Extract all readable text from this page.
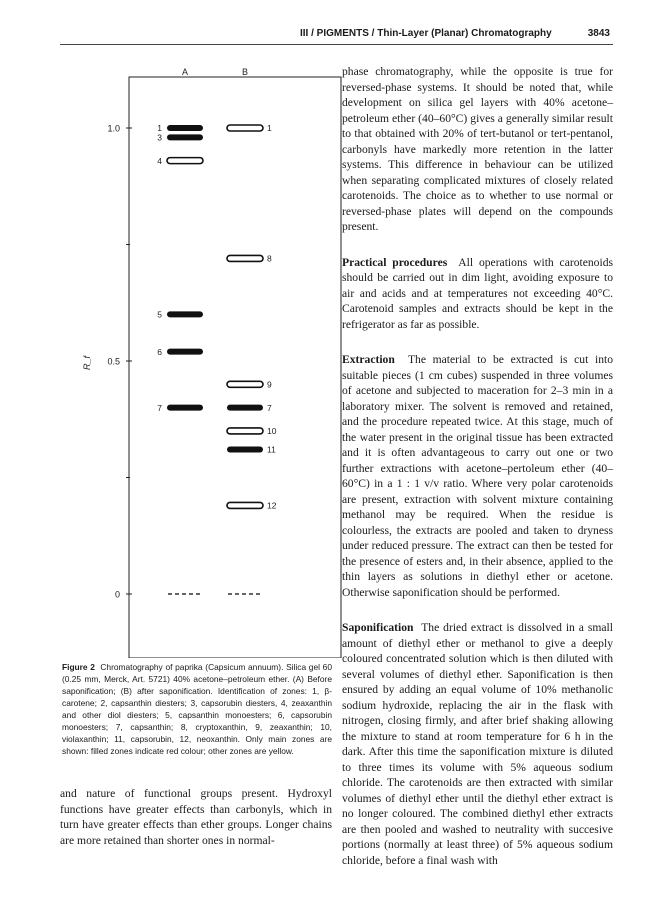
III / PIGMENTS / Thin-Layer (Planar) Chromatography	3843
1.0
0.5
0
R_f
A	B
1
3
4
5
6
7
1
8
9
7
10
11
12
Figure 2 Chromatography of paprika (Capsicum annuum). Silica gel 60 (0.25 mm, Merck, Art. 5721) 40% acetone–petroleum ether. (A) Before saponification; (B) after saponification. Identification of zones: 1, β-carotene; 2, capsanthin diesters; 3, capsorubin diesters, 4, zeaxanthin and other diol diesters; 5, capsanthin monoesters; 6, capsorubin monoesters; 7, capsanthin; 8, cryptoxanthin, 9, zeaxanthin; 10, violaxanthin; 11, capsorubin, 12, neoxanthin. Only main zones are shown: filled zones indicate red colour; other zones are yellow.
and nature of functional groups present. Hydroxyl functions have greater effects than carbonyls, which in turn have greater effects than ether groups. Longer chains are more retained than shorter ones in normal-

phase chromatography, while the opposite is true for reversed-phase systems. It should be noted that, while development on silica gel layers with 40% acetone–petroleum ether (40–60°C) gives a generally similar result to that obtained with 20% of tert-butanol or tert-pentanol, carbonyls have markedly more retention in the latter systems. This difference in behaviour can be utilized when separating complicated mixtures of closely related carotenoids. The choice as to whether to use normal or reversed-phase plates will depend on the compounds present.

Practical procedures All operations with carotenoids should be carried out in dim light, avoiding exposure to air and acids and at temperatures not exceeding 40°C. Carotenoid samples and extracts should be kept in the refrigerator as far as possible.

Extraction The material to be extracted is cut into suitable pieces (1 cm cubes) suspended in three volumes of acetone and subjected to maceration for 2–3 min in a laboratory mixer. The solvent is removed and retained, and the procedure repeated twice. At this stage, much of the water present in the original tissue has been extracted and it is often advantageous to carry out one or two further extractions with acetone–pertoleum ether (40–60°C) in a 1 : 1 v/v ratio. Where very polar carotenoids are present, extraction with solvent mixture containing methanol may be required. When the residue is colourless, the extracts are pooled and taken to dryness under reduced pressure. The extract can then be tested for the presence of esters and, in their absence, applied to the thin layers as solutions in diethyl ether or acetone. Otherwise saponification should be performed.

Saponification The dried extract is dissolved in a small amount of diethyl ether or methanol to give a deeply coloured concentrated solution which is then diluted with several volumes of diethyl ether. Saponification is then ensured by adding an equal volume of 10% methanolic sodium hydroxide, replacing the air in the flask with nitrogen, closing firmly, and after brief shaking allowing the mixture to stand at room temperature for 6 h in the dark. After this time the saponification mixture is diluted to three times its volume with 5% aqueous sodium chloride. The carotenoids are then extracted with similar volumes of diethyl ether until the diethyl ether extract is no longer coloured. The combined diethyl ether extracts are then pooled and washed to neutrality with succesive portions (normally at least three) of 5% aqueous sodium chloride, before a final wash with
